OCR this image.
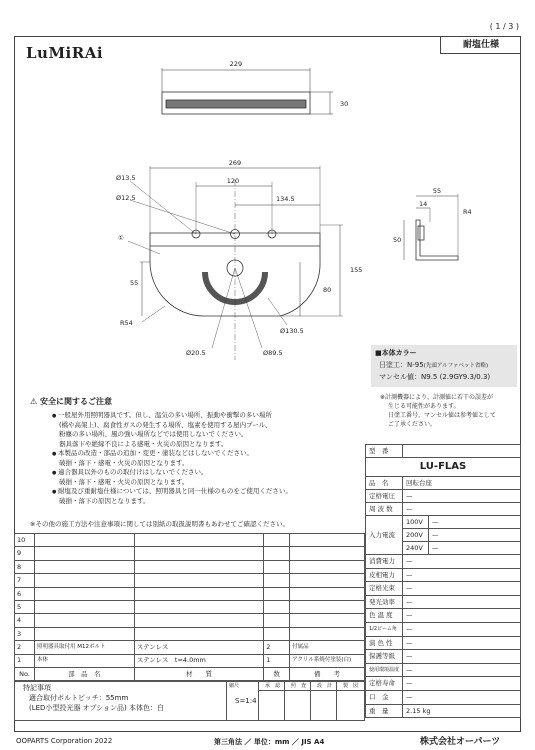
( 1 / 3 )
LuMiRAi	耐塩仕様
229
30
269
120
134.5
Ø13.5
Ø12.5
①
155
55
80
R54
Ø130.5
Ø20.5	Ø89.5
55
14
R4
50
■本体カラー
日塗工：N-95(先頭アルファベット省略)
マンセル値：N9.5 (2.9GY9.3/0.3)
※計測機器により、計測値に若干の誤差が
生じる可能性があります。
日塗工番号、マンセル値は参考値として
ご了承ください。
⚠ 安全に関するご注意
● 一般屋外用照明器具です。但し、温気の多い場所、振動や衝撃の多い場所
(橋や高架上)、腐食性ガスの発生する場所、塩素を使用する屋内プール、
粉塵の多い場所、風の強い場所などでは使用しないでください。
器具落下や絶縁不良による感電・火災の原因となります。
● 本製品の改造・部品の追加・変更・塗装などはしないでください。
破損・落下・感電・火災の原因となります。
● 適合器具以外のものの取付けはしないでください。
破損・落下・感電・火災の原因となります。
● 耐塩及び重耐塩仕様については、照明器具と同一仕様のものをご使用ください。
破損・落下の原因となります。
※その他の施工方法や注意事項に関しては別紙の取扱説明書もあわせてご確認ください。
10				
9				
8				
7				
6				
5				
4				
3				
2	照明器具取付用 M12ボルト	ステンレス	2	付属品
1	本体	ステンレス　t=4.0mm	1	アクリル系焼付塗装(白)
No.	部　品　名	材　　質	数	備　　考
特記事項
適合取付ボルトピッチ：55mm
(LED小型投光器 オプション品) 本体色：白
縮尺
S=1:4
承　認 照　査 設　計 製　図
型　番		
LU-FLAS		
品　名	回転台座	
定格電圧	—	
周 波 数	—	
入力電流	100V	—
	200V	—
	240V	—
消費電力	—	
皮相電力	—	
定格光束	—	
発光効率	—	
色 温 度	—	
1/2ビーム角	—	
演 色 性	—	
保護等級	—	
使用環境温度	—	
定格寿命	—	
口　金	—	
重　量	2.15 kg	
OOPARTS Corporation 2022	第三角法 ／ 単位：mm ／ JIS A4	株式会社オーパーツ
